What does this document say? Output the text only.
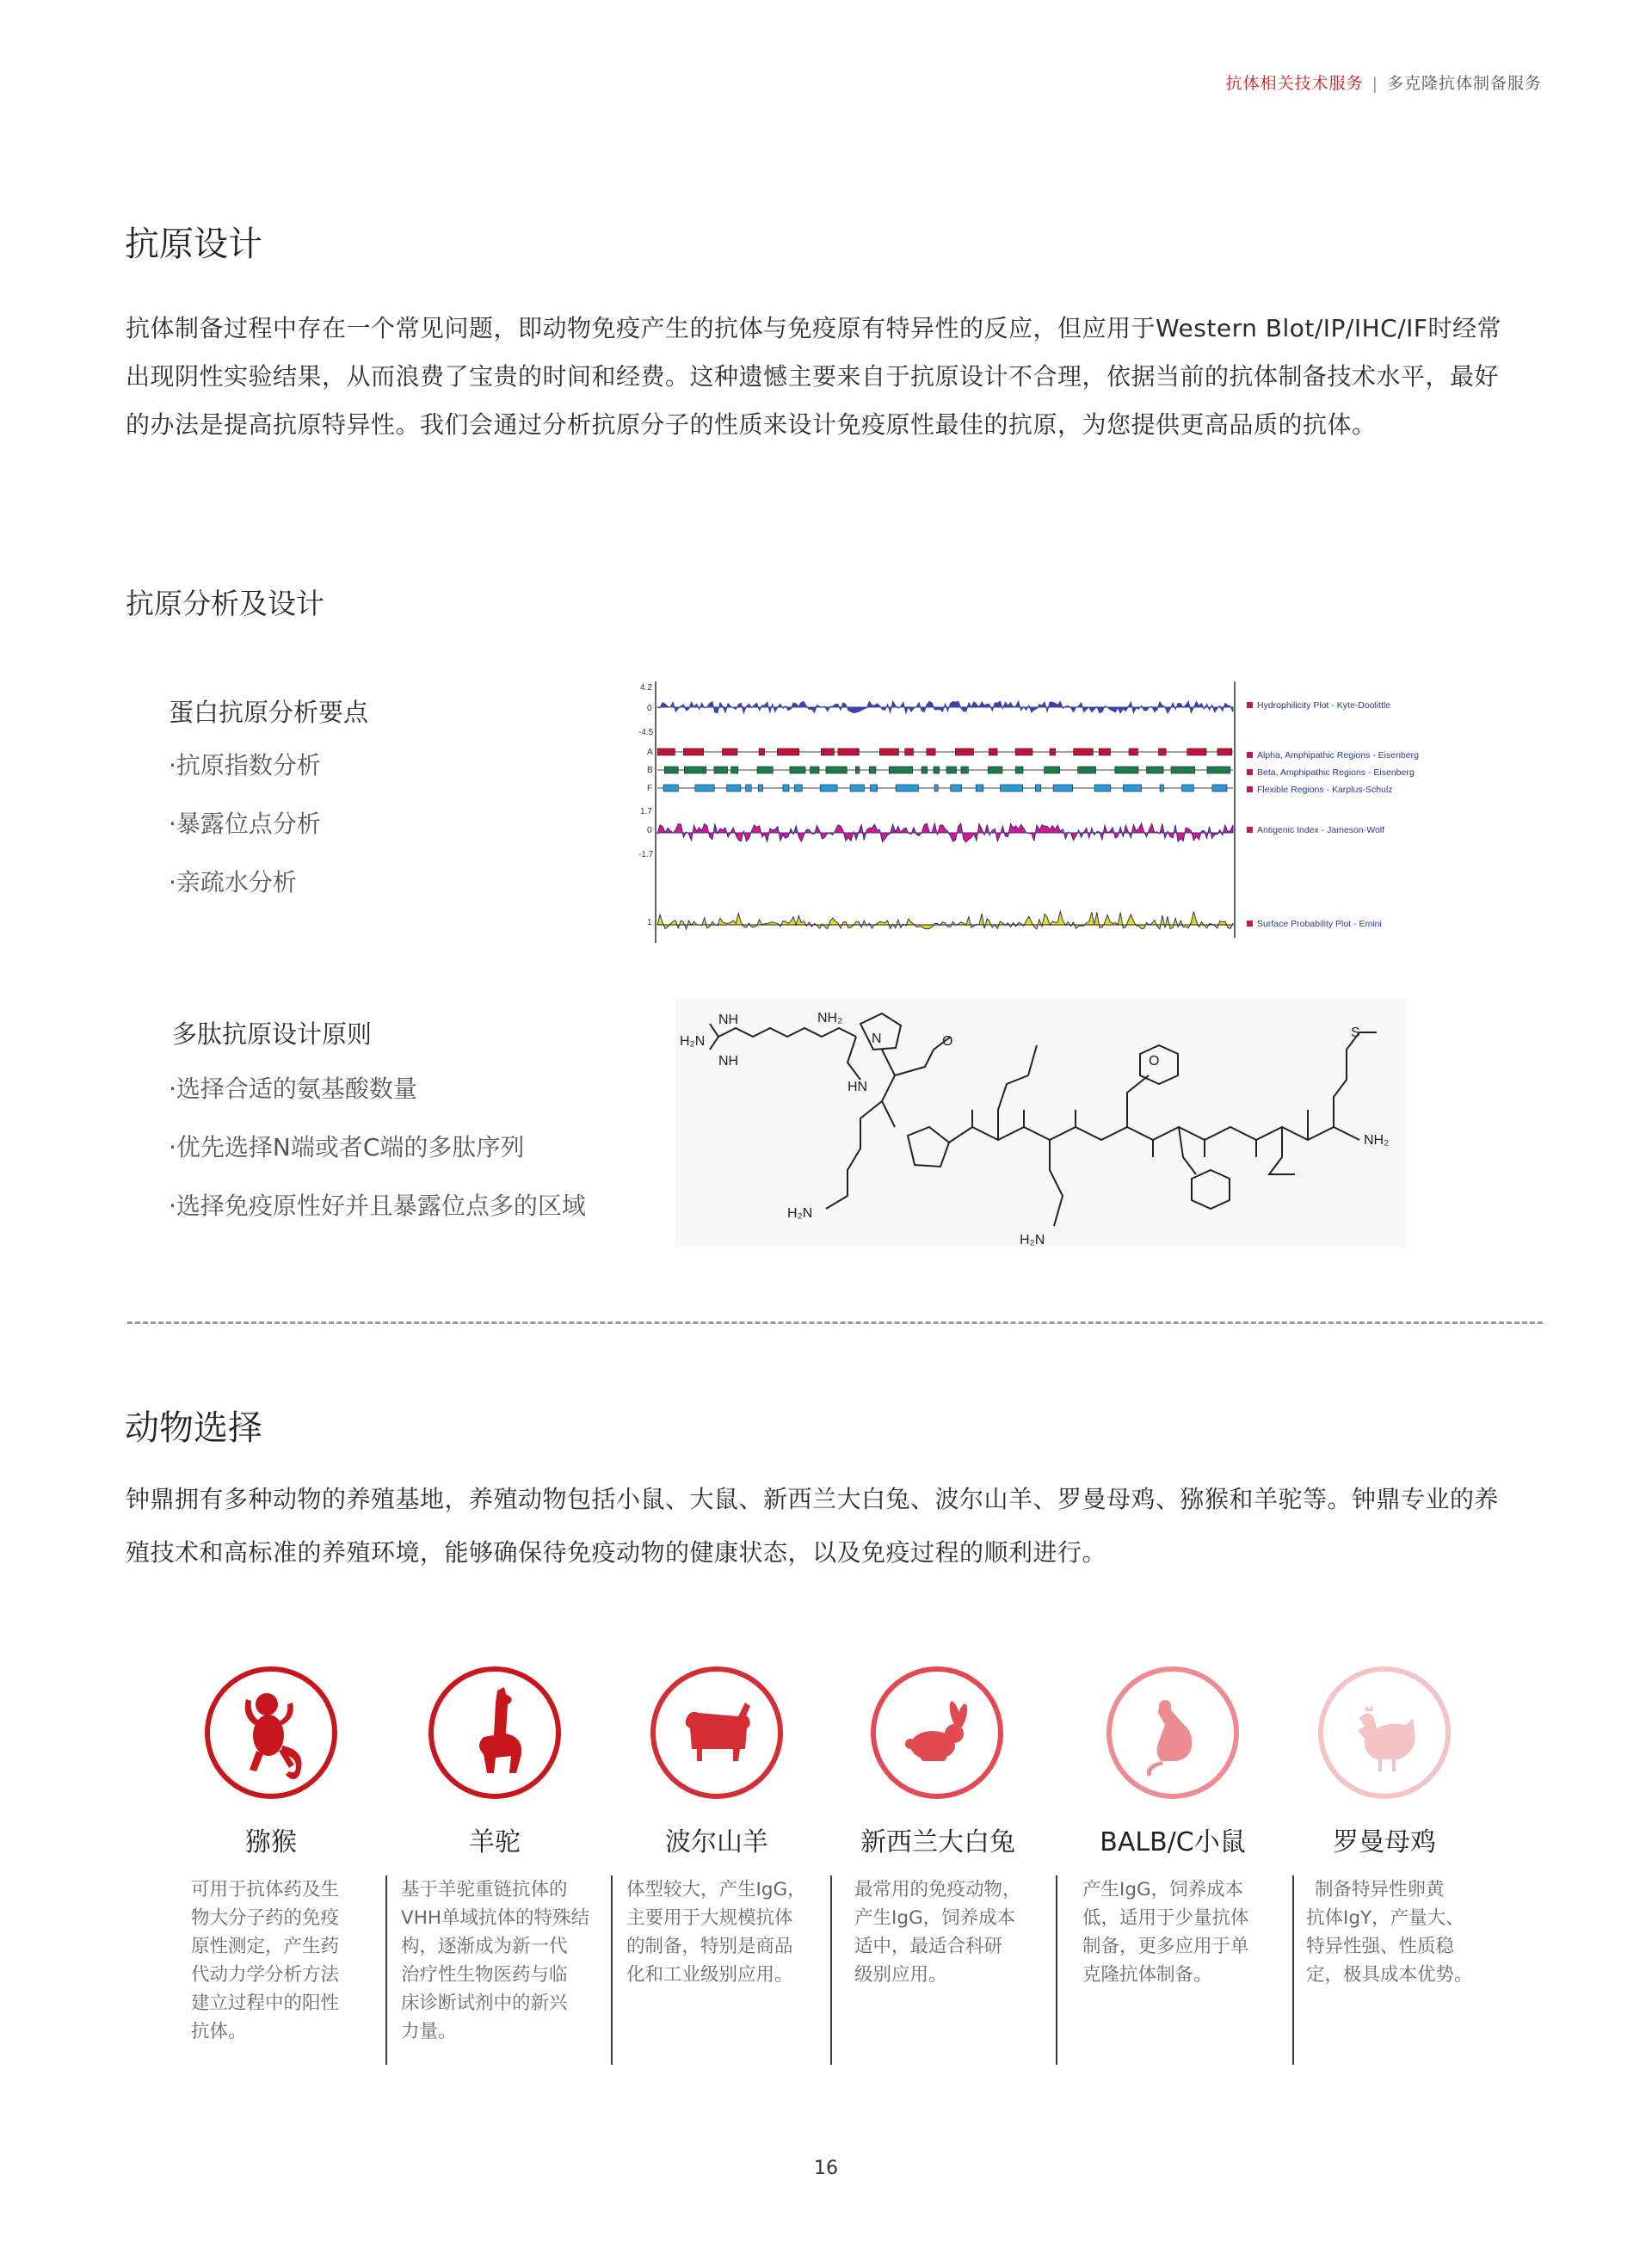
抗体相关技术服务 | 多克隆抗体制备服务
抗原设计
抗体制备过程中存在一个常见问题，即动物免疫产生的抗体与免疫原有特异性的反应，但应用于Western Blot/IP/IHC/IF时经常
出现阴性实验结果，从而浪费了宝贵的时间和经费。这种遗憾主要来自于抗原设计不合理，依据当前的抗体制备技术水平，最好
的办法是提高抗原特异性。我们会通过分析抗原分子的性质来设计免疫原性最佳的抗原，为您提供更高品质的抗体。
抗原分析及设计
蛋白抗原分析要点
·抗原指数分析
·暴露位点分析
·亲疏水分析
4.2
0
-4.5
A
B
F
1.7
0
-1.7
1
Hydrophilicity Plot - Kyte-Doolittle
Alpha, Amphipathic Regions - Eisenberg
Beta, Amphipathic Regions - Eisenberg
Flexible Regions - Karplus-Schulz
Antigenic Index - Jameson-Wolf
Surface Probability Plot - Emini
多肽抗原设计原则
·选择合适的氨基酸数量
·优先选择N端或者C端的多肽序列
·选择免疫原性好并且暴露位点多的区域
H₂N
NH
NH
NH₂
N	O
H₂N
HN
O
H₂N
NH₂
S
动物选择
钟鼎拥有多种动物的养殖基地，养殖动物包括小鼠、大鼠、新西兰大白兔、波尔山羊、罗曼母鸡、猕猴和羊驼等。钟鼎专业的养
殖技术和高标准的养殖环境，能够确保待免疫动物的健康状态，以及免疫过程的顺利进行。
猕猴	羊驼	波尔山羊	新西兰大白兔	BALB/C小鼠	罗曼母鸡
可用于抗体药及生
物大分子药的免疫
原性测定，产生药
代动力学分析方法
建立过程中的阳性
抗体。
基于羊驼重链抗体的
VHH单域抗体的特殊结
构，逐渐成为新一代
治疗性生物医药与临
床诊断试剂中的新兴
力量。
体型较大，产生IgG，
主要用于大规模抗体
的制备，特别是商品
化和工业级别应用。
最常用的免疫动物，
产生IgG，饲养成本
适中，最适合科研
级别应用。
产生IgG，饲养成本
低，适用于少量抗体
制备，更多应用于单
克隆抗体制备。
制备特异性卵黄
抗体IgY，产量大、
特异性强、性质稳
定，极具成本优势。
16
